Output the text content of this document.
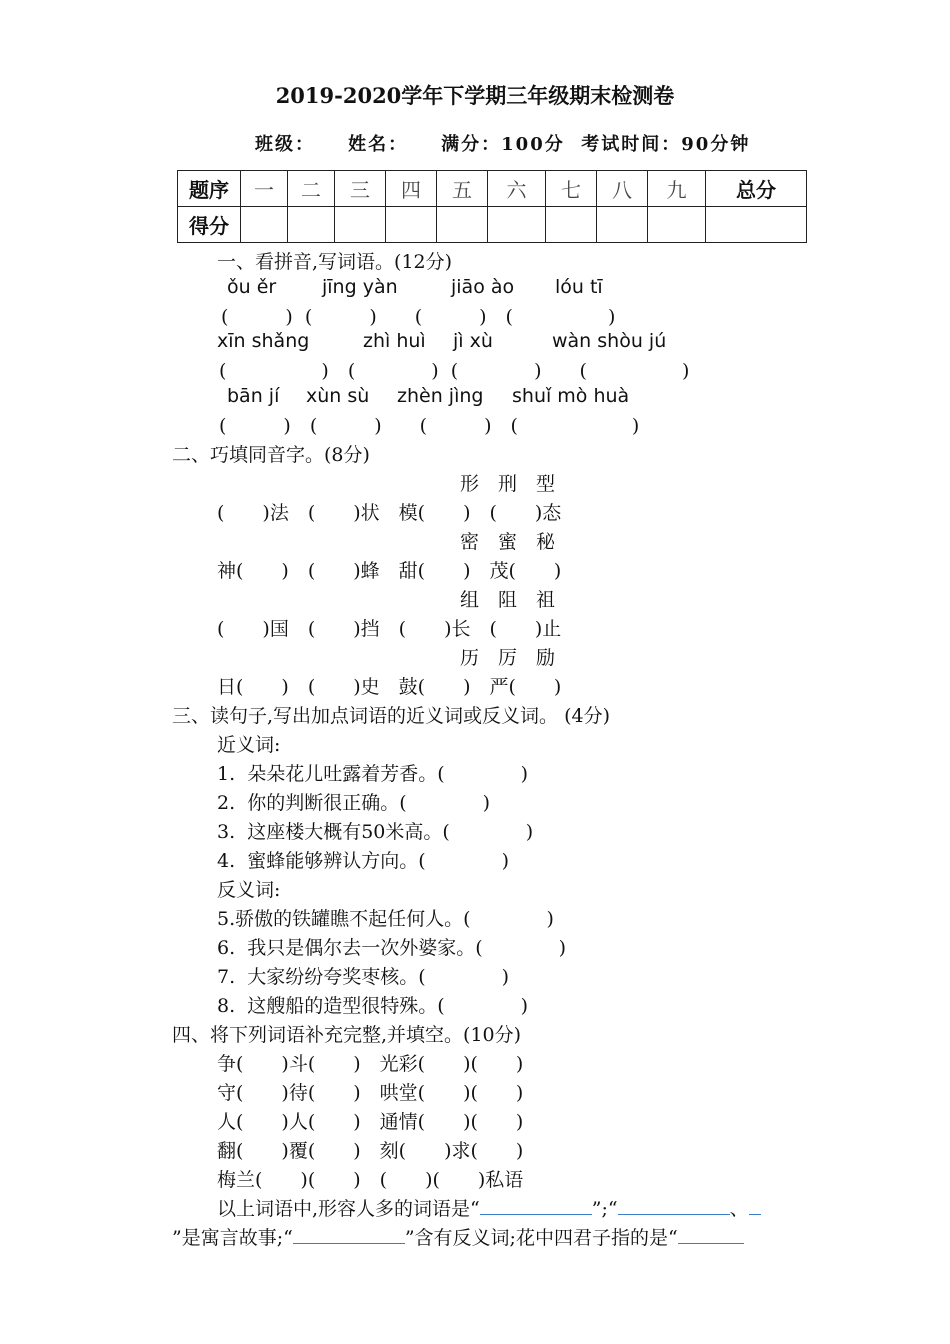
2019-2020学年下学期三年级期末检测卷
班级： 姓名： 满分：100分 考试时间：90分钟
题序	一	二	三	四	五	六	七	八	九	总分
得分										
一、看拼音,写词语。(12分)
ǒu ěr jīng yàn	jiāo ào lóu tī
(　　　)  (　　　)　　(　　　)　(　　　　　)
xīn shǎng	zhì huì jì xù	wàn shòu jú
(　　　　　)　(　　　　)  (　　　　)　　(　　　　　)
bān jí xùn sù zhèn jìng shuǐ mò huà
(　　　)　(　　　)　　(　　　)　(　　　　　　)
二、巧填同音字。(8分)
形　刑　型
(　　)法　(　　)状　模(　　)　(　　)态
密　蜜　秘
神(　　)　(　　)蜂　甜(　　)　茂(　　)
组　阻　祖
(　　)国　(　　)挡　(　　)长　(　　)止
历　厉　励
日(　　)　(　　)史　鼓(　　)　严(　　)
三、读句子,写出加点词语的近义词或反义词。 (4分)
近义词:
1.  朵朵花儿吐露着芳香。(　　　　)
2.  你的判断很正确。(　　　　)
3.  这座楼大概有50米高。(　　　　)
4.  蜜蜂能够辨认方向。(　　　　)
反义词:
5.骄傲的铁罐瞧不起任何人。(　　　　)
6.  我只是偶尔去一次外婆家。(　　　　)
7.  大家纷纷夸奖枣核。(　　　　)
8.  这艘船的造型很特殊。(　　　　)
四、将下列词语补充完整,并填空。(10分)
争(　　)斗(　　)　光彩(　　)(　　)
守(　　)待(　　)　哄堂(　　)(　　)
人(　　)人(　　)　通情(　　)(　　)
翻(　　)覆(　　)　刻(　　)求(　　)
梅兰(　　)(　　)　(　　)(　　)私语
以上词语中,形容人多的词语是“	”;“	、
”是寓言故事;“	”含有反义词;花中四君子指的是“
